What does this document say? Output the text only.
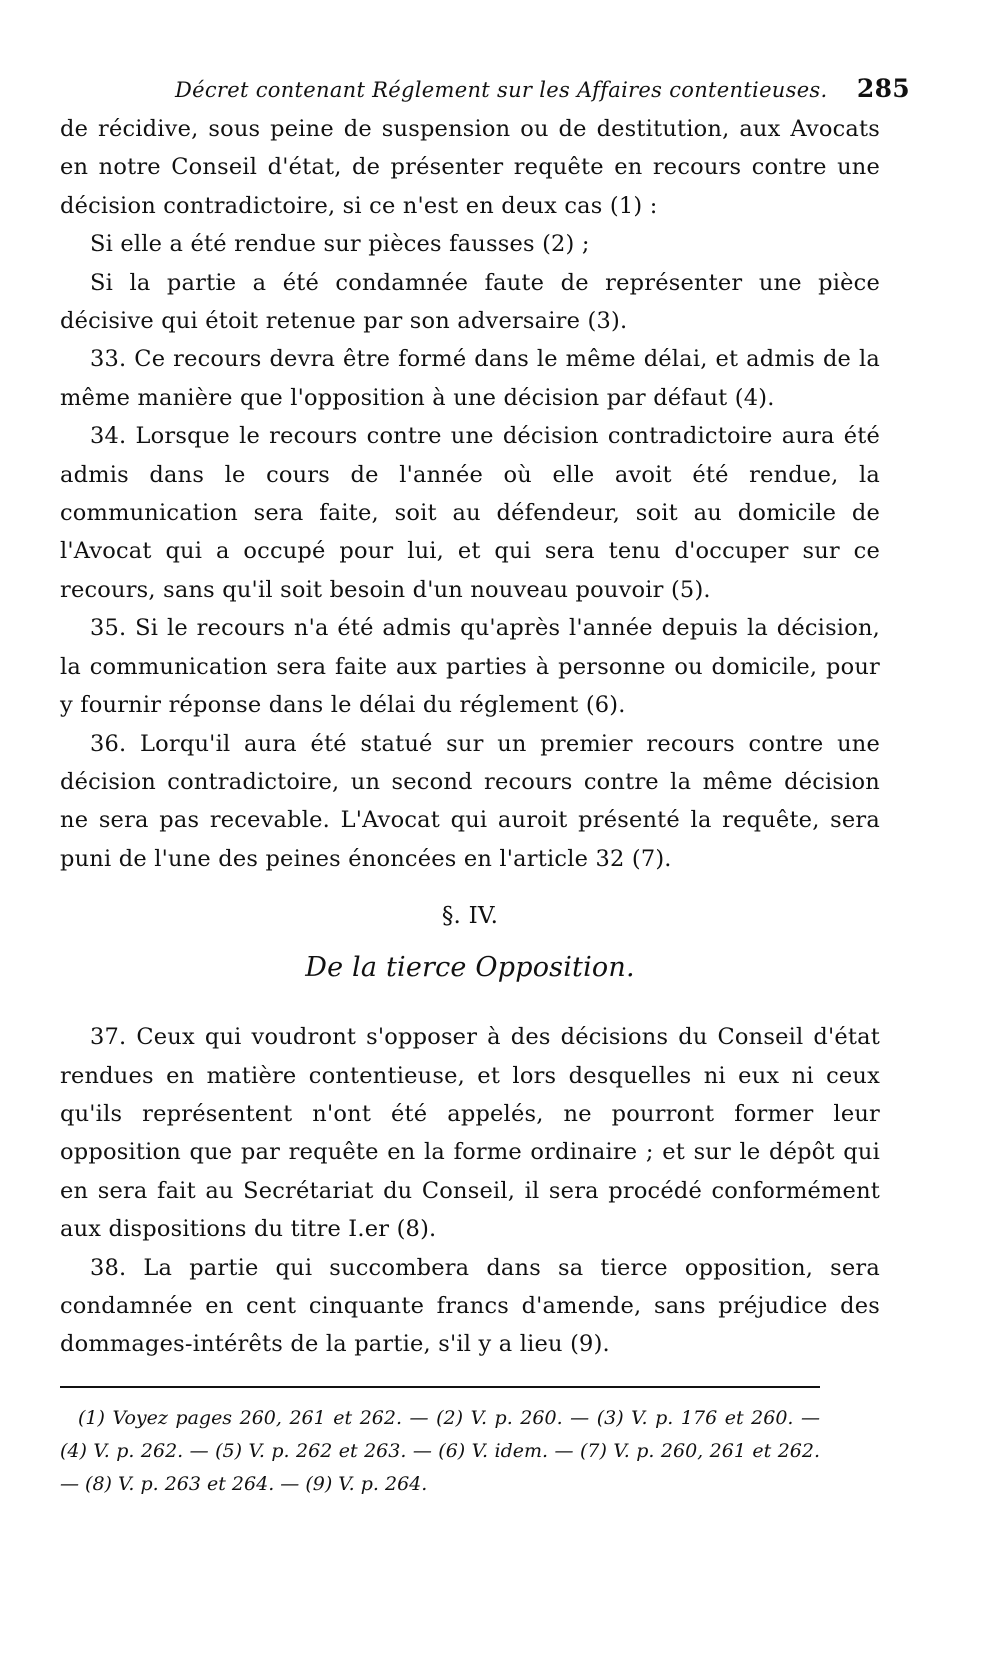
Décret contenant Réglement sur les Affaires contentieuses. 285

de récidive, sous peine de suspension ou de destitution, aux Avocats en notre Conseil d'état, de présenter requête en recours contre une décision contradictoire, si ce n'est en deux cas (1) :

Si elle a été rendue sur pièces fausses (2) ;

Si la partie a été condamnée faute de représenter une pièce décisive qui étoit retenue par son adversaire (3).

33. Ce recours devra être formé dans le même délai, et admis de la même manière que l'opposition à une décision par défaut (4).

34. Lorsque le recours contre une décision contradictoire aura été admis dans le cours de l'année où elle avoit été rendue, la communication sera faite, soit au défendeur, soit au domicile de l'Avocat qui a occupé pour lui, et qui sera tenu d'occuper sur ce recours, sans qu'il soit besoin d'un nouveau pouvoir (5).

35. Si le recours n'a été admis qu'après l'année depuis la décision, la communication sera faite aux parties à personne ou domicile, pour y fournir réponse dans le délai du réglement (6).

36. Lorqu'il aura été statué sur un premier recours contre une décision contradictoire, un second recours contre la même décision ne sera pas recevable. L'Avocat qui auroit présenté la requête, sera puni de l'une des peines énoncées en l'article 32 (7).

§. IV.
De la tierce Opposition.

37. Ceux qui voudront s'opposer à des décisions du Conseil d'état rendues en matière contentieuse, et lors desquelles ni eux ni ceux qu'ils représentent n'ont été appelés, ne pourront former leur opposition que par requête en la forme ordinaire ; et sur le dépôt qui en sera fait au Secrétariat du Conseil, il sera procédé conformément aux dispositions du titre I.er (8).

38. La partie qui succombera dans sa tierce opposition, sera condamnée en cent cinquante francs d'amende, sans préjudice des dommages-intérêts de la partie, s'il y a lieu (9).

(1) Voyez pages 260, 261 et 262. — (2) V. p. 260. — (3) V. p. 176 et 260. — (4) V. p. 262. — (5) V. p. 262 et 263. — (6) V. idem. — (7) V. p. 260, 261 et 262. — (8) V. p. 263 et 264. — (9) V. p. 264.
